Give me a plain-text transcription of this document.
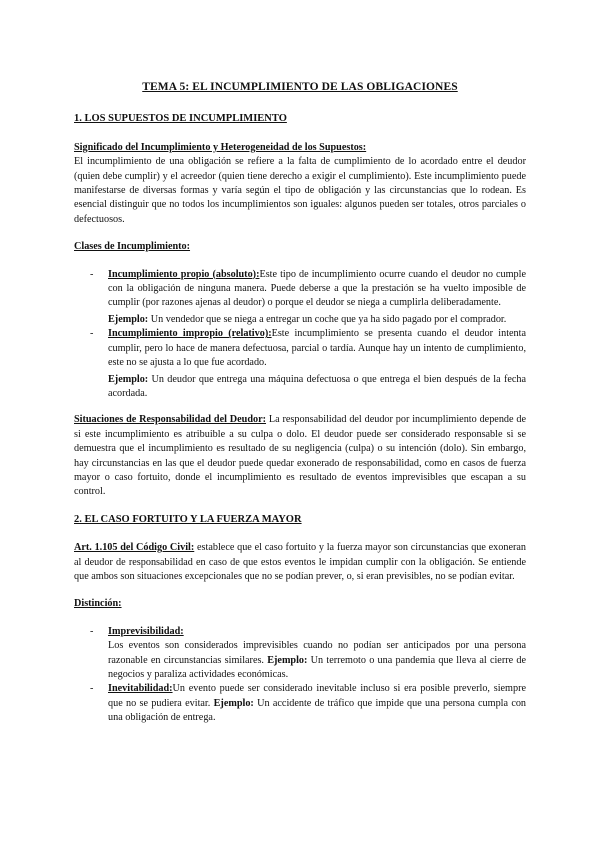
TEMA 5: EL INCUMPLIMIENTO DE LAS OBLIGACIONES
1. LOS SUPUESTOS DE INCUMPLIMIENTO

Significado del Incumplimiento y Heterogeneidad de los Supuestos:

El incumplimiento de una obligación se refiere a la falta de cumplimiento de lo acordado entre el deudor (quien debe cumplir) y el acreedor (quien tiene derecho a exigir el cumplimiento). Este incumplimiento puede manifestarse de diversas formas y varía según el tipo de obligación y las circunstancias que lo rodean. Es esencial distinguir que no todos los incumplimientos son iguales: algunos pueden ser totales, otros parciales o defectuosos.

Clases de Incumplimiento:

- Incumplimiento propio (absoluto):Este tipo de incumplimiento ocurre cuando el deudor no cumple con la obligación de ninguna manera. Puede deberse a que la prestación se ha vuelto imposible de cumplir (por razones ajenas al deudor) o porque el deudor se niega a cumplirla deliberadamente.

Ejemplo: Un vendedor que se niega a entregar un coche que ya ha sido pagado por el comprador.

- Incumplimiento impropio (relativo):Este incumplimiento se presenta cuando el deudor intenta cumplir, pero lo hace de manera defectuosa, parcial o tardía. Aunque hay un intento de cumplimiento, este no se ajusta a lo que fue acordado.

Ejemplo: Un deudor que entrega una máquina defectuosa o que entrega el bien después de la fecha acordada.

Situaciones de Responsabilidad del Deudor: La responsabilidad del deudor por incumplimiento depende de si este incumplimiento es atribuible a su culpa o dolo. El deudor puede ser considerado responsable si se demuestra que el incumplimiento es resultado de su negligencia (culpa) o su intención (dolo). Sin embargo, hay circunstancias en las que el deudor puede quedar exonerado de responsabilidad, como en casos de fuerza mayor o caso fortuito, donde el incumplimiento es resultado de eventos imprevisibles que escapan a su control.

2. EL CASO FORTUITO Y LA FUERZA MAYOR

Art. 1.105 del Código Civil: establece que el caso fortuito y la fuerza mayor son circunstancias que exoneran al deudor de responsabilidad en caso de que estos eventos le impidan cumplir con la obligación. Se entiende que ambos son situaciones excepcionales que no se podían prever, o, si eran previsibles, no se podían evitar.

Distinción:

- Imprevisibilidad:

Los eventos son considerados imprevisibles cuando no podían ser anticipados por una persona razonable en circunstancias similares. Ejemplo: Un terremoto o una pandemia que lleva al cierre de negocios y paraliza actividades económicas.

- Inevitabilidad:Un evento puede ser considerado inevitable incluso si era posible preverlo, siempre que no se pudiera evitar. Ejemplo: Un accidente de tráfico que impide que una persona cumpla con una obligación de entrega.
